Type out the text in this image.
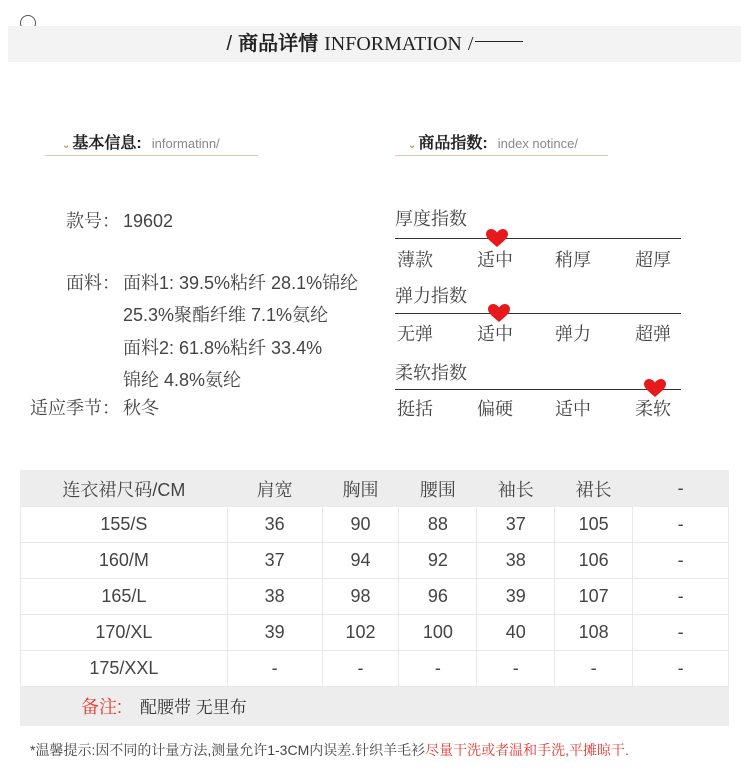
/ 商品详情 INFORMATION /
⌄ 基本信息: informatinn/
款号： 19602
面料： 面料1: 39.5%粘纤 28.1%锦纶
25.3%聚酯纤维 7.1%氨纶
面料2: 61.8%粘纤 33.4%
锦纶 4.8%氨纶
适应季节： 秋冬
⌄ 商品指数: index notince/
厚度指数
薄款	适中	稍厚	超厚
弹力指数
无弹	适中	弹力	超弹
柔软指数
挺括	偏硬	适中	柔软
连衣裙尺码/CM	肩宽	胸围	腰围	袖长	裙长	-
155/S	36	90	88	37	105	-
160/M	37	94	92	38	106	-
165/L	38	98	96	39	107	-
170/XL	39	102	100	40	108	-
175/XXL	-	-	-	-	-	-
备注: 配腰带 无里布						
*温馨提示:因不同的计量方法,测量允许1-3CM内误差.针织羊毛衫尽量干洗或者温和手洗,平摊晾干.
